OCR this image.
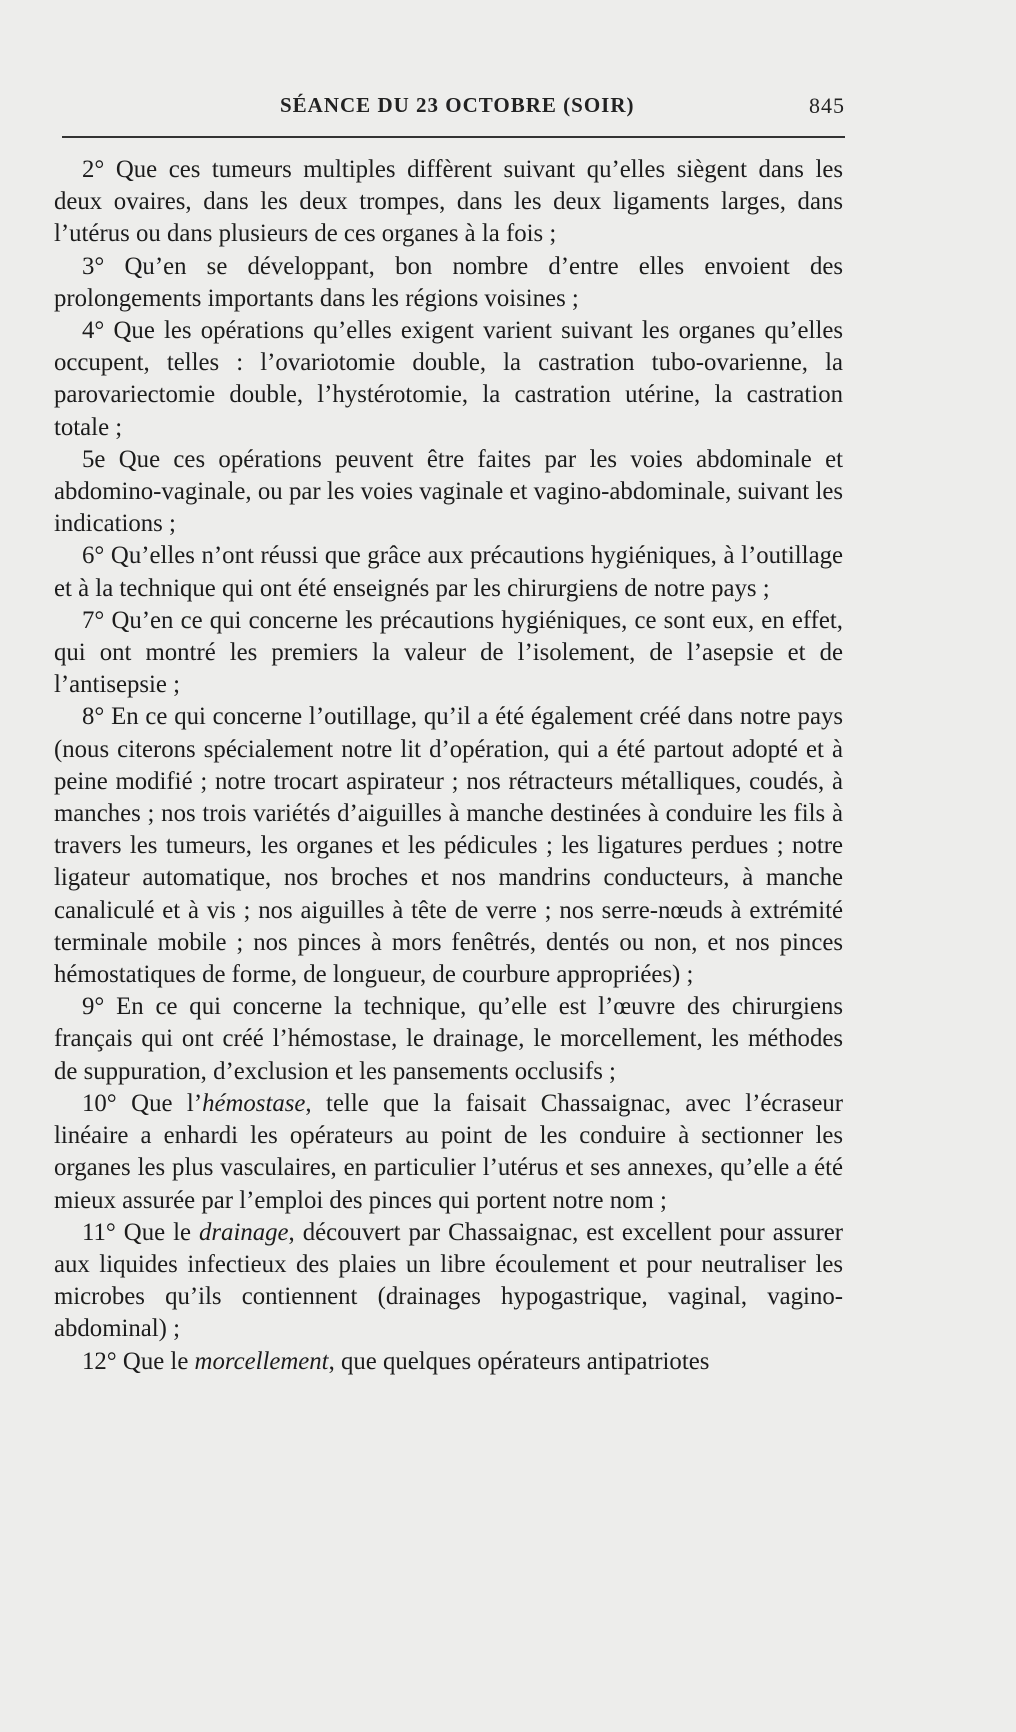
SÉANCE DU 23 OCTOBRE (SOIR)	845

2° Que ces tumeurs multiples diffèrent suivant qu’elles siègent dans les deux ovaires, dans les deux trompes, dans les deux ligaments larges, dans l’utérus ou dans plusieurs de ces organes à la fois ;

3° Qu’en se développant, bon nombre d’entre elles envoient des prolongements importants dans les régions voisines ;

4° Que les opérations qu’elles exigent varient suivant les organes qu’elles occupent, telles : l’ovariotomie double, la castration tubo-ovarienne, la parovariectomie double, l’hystérotomie, la castration utérine, la castration totale ;

5e Que ces opérations peuvent être faites par les voies abdominale et abdomino-vaginale, ou par les voies vaginale et vagino-abdominale, suivant les indications ;

6° Qu’elles n’ont réussi que grâce aux précautions hygiéniques, à l’outillage et à la technique qui ont été enseignés par les chirurgiens de notre pays ;

7° Qu’en ce qui concerne les précautions hygiéniques, ce sont eux, en effet, qui ont montré les premiers la valeur de l’isolement, de l’asepsie et de l’antisepsie ;

8° En ce qui concerne l’outillage, qu’il a été également créé dans notre pays (nous citerons spécialement notre lit d’opération, qui a été partout adopté et à peine modifié ; notre trocart aspirateur ; nos rétracteurs métalliques, coudés, à manches ; nos trois variétés d’aiguilles à manche destinées à conduire les fils à travers les tumeurs, les organes et les pédicules ; les ligatures perdues ; notre ligateur automatique, nos broches et nos mandrins conducteurs, à manche canaliculé et à vis ; nos aiguilles à tête de verre ; nos serre-nœuds à extrémité terminale mobile ; nos pinces à mors fenêtrés, dentés ou non, et nos pinces hémostatiques de forme, de longueur, de courbure appropriées) ;

9° En ce qui concerne la technique, qu’elle est l’œuvre des chirurgiens français qui ont créé l’hémostase, le drainage, le morcellement, les méthodes de suppuration, d’exclusion et les pansements occlusifs ;

10° Que l’hémostase, telle que la faisait Chassaignac, avec l’écraseur linéaire a enhardi les opérateurs au point de les conduire à sectionner les organes les plus vasculaires, en particulier l’utérus et ses annexes, qu’elle a été mieux assurée par l’emploi des pinces qui portent notre nom ;

11° Que le drainage, découvert par Chassaignac, est excellent pour assurer aux liquides infectieux des plaies un libre écoulement et pour neutraliser les microbes qu’ils contiennent (drainages hypogastrique, vaginal, vagino-abdominal) ;

12° Que le morcellement, que quelques opérateurs antipatriotes
